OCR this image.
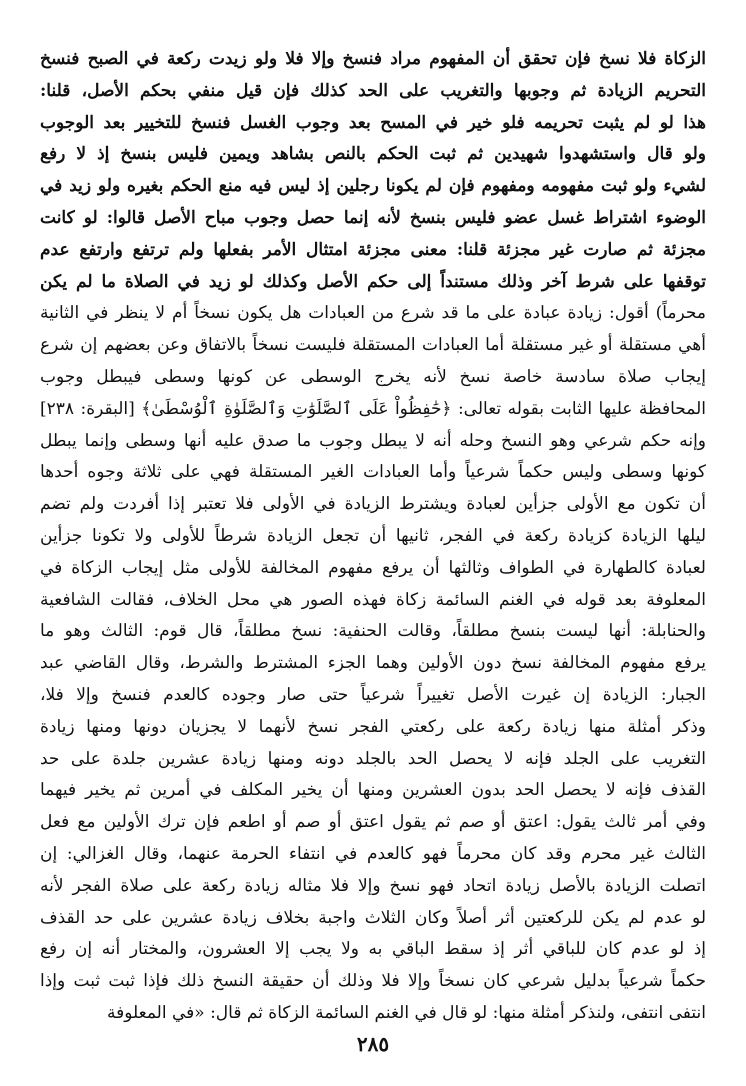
الزكاة فلا نسخ فإن تحقق أن المفهوم مراد فنسخ وإلا فلا ولو زيدت ركعة في الصبح فنسخ
التحريم الزيادة ثم وجوبها والتغريب على الحد كذلك فإن قيل منفي بحكم الأصل، قلنا:
هذا لو لم يثبت تحريمه فلو خير في المسح بعد وجوب الغسل فنسخ للتخيير بعد الوجوب
ولو قال واستشهدوا شهيدين ثم ثبت الحكم بالنص بشاهد ويمين فليس بنسخ إذ لا رفع
لشيء ولو ثبت مفهومه ومفهوم فإن لم يكونا رجلين إذ ليس فيه منع الحكم بغيره ولو زيد في
الوضوء اشتراط غسل عضو فليس بنسخ لأنه إنما حصل وجوب مباح الأصل قالوا: لو كانت
مجزئة ثم صارت غير مجزئة قلنا: معنى مجزئة امتثال الأمر بفعلها ولم ترتفع وارتفع عدم
توقفها على شرط آخر وذلك مستنداً إلى حكم الأصل وكذلك لو زيد في الصلاة ما لم يكن
محرماً) أقول: زيادة عبادة على ما قد شرع من العبادات هل يكون نسخاً أم لا ينظر في الثانية
أهي مستقلة أو غير مستقلة أما العبادات المستقلة فليست نسخاً بالاتفاق وعن بعضهم إن شرع
إيجاب صلاة سادسة خاصة نسخ لأنه يخرج الوسطى عن كونها وسطى فيبطل وجوب
المحافظة عليها الثابت بقوله تعالى: ﴿حَٰفِظُواْ عَلَى ٱلصَّلَوَٰتِ وَٱلصَّلَوٰةِ ٱلْوُسْطَىٰ﴾ [البقرة: ٢٣٨]
وإنه حكم شرعي وهو النسخ وحله أنه لا يبطل وجوب ما صدق عليه أنها وسطى وإنما يبطل
كونها وسطى وليس حكماً شرعياً وأما العبادات الغير المستقلة فهي على ثلاثة وجوه أحدها
أن تكون مع الأولى جزأين لعبادة ويشترط الزيادة في الأولى فلا تعتبر إذا أفردت ولم تضم
ليلها الزيادة كزيادة ركعة في الفجر، ثانيها أن تجعل الزيادة شرطاً للأولى ولا تكونا جزأين
لعبادة كالطهارة في الطواف وثالثها أن يرفع مفهوم المخالفة للأولى مثل إيجاب الزكاة في
المعلوفة بعد قوله في الغنم السائمة زكاة فهذه الصور هي محل الخلاف، فقالت الشافعية
والحنابلة: أنها ليست بنسخ مطلقاً، وقالت الحنفية: نسخ مطلقاً، قال قوم: الثالث وهو ما
يرفع مفهوم المخالفة نسخ دون الأولين وهما الجزء المشترط والشرط، وقال القاضي عبد
الجبار: الزيادة إن غيرت الأصل تغييراً شرعياً حتى صار وجوده كالعدم فنسخ وإلا فلا،
وذكر أمثلة منها زيادة ركعة على ركعتي الفجر نسخ لأنهما لا يجزيان دونها ومنها زيادة
التغريب على الجلد فإنه لا يحصل الحد بالجلد دونه ومنها زيادة عشرين جلدة على حد
القذف فإنه لا يحصل الحد بدون العشرين ومنها أن يخير المكلف في أمرين ثم يخير فيهما
وفي أمر ثالث يقول: اعتق أو صم ثم يقول اعتق أو صم أو اطعم فإن ترك الأولين مع فعل
الثالث غير محرم وقد كان محرماً فهو كالعدم في انتفاء الحرمة عنهما، وقال الغزالي: إن
اتصلت الزيادة بالأصل زيادة اتحاد فهو نسخ وإلا فلا مثاله زيادة ركعة على صلاة الفجر لأنه
لو عدم لم يكن للركعتين أثر أصلاً وكان الثلاث واجبة بخلاف زيادة عشرين على حد القذف
إذ لو عدم كان للباقي أثر إذ سقط الباقي به ولا يجب إلا العشرون، والمختار أنه إن رفع
حكماً شرعياً بدليل شرعي كان نسخاً وإلا فلا وذلك أن حقيقة النسخ ذلك فإذا ثبت ثبت وإذا
انتفى انتفى، ولنذكر أمثلة منها: لو قال في الغنم السائمة الزكاة ثم قال: «في المعلوفة
٢٨٥
